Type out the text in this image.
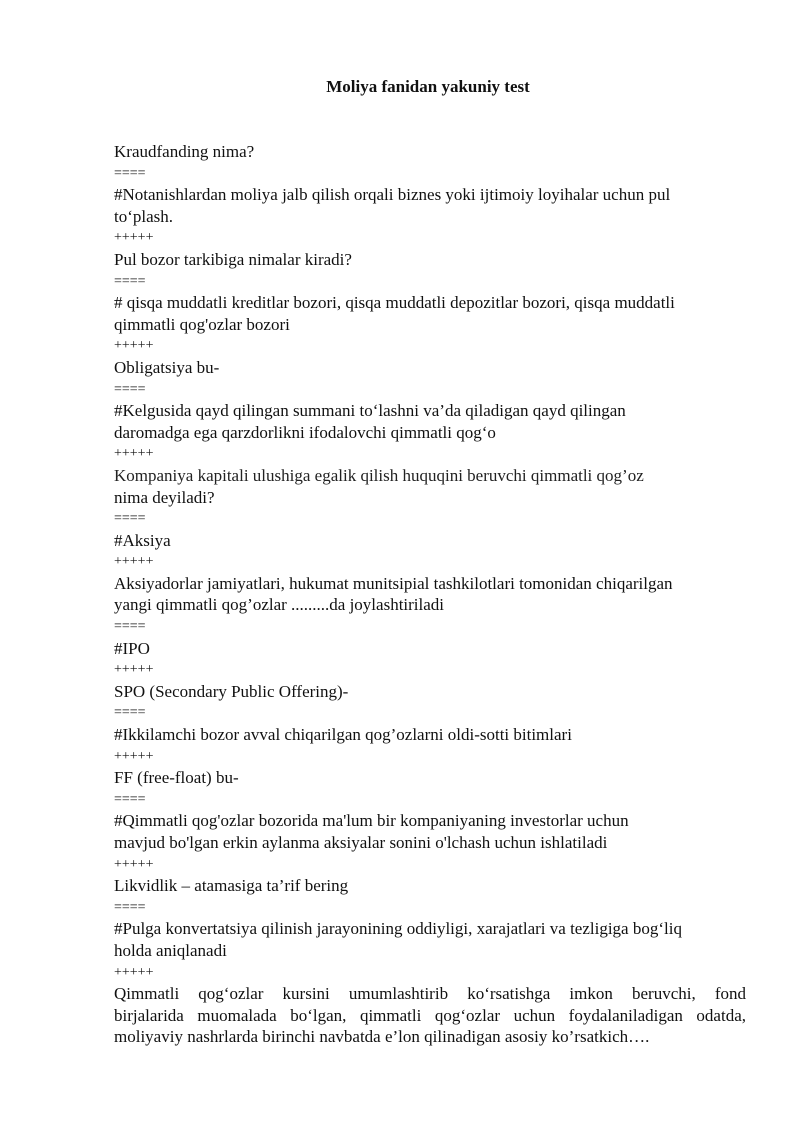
Moliya fanidan yakuniy test
Kraudfanding nima?
====
#Notanishlardan moliya jalb qilish orqali biznes yoki ijtimoiy loyihalar uchun pul
to‘plash.
+++++
Pul bozor tarkibiga nimalar kiradi?
====
# qisqa muddatli kreditlar bozori, qisqa muddatli depozitlar bozori, qisqa muddatli
qimmatli qog'ozlar bozori
+++++
Obligatsiya bu-
====
#Kelgusida qayd qilingan summani to‘lashni va’da qiladigan qayd qilingan
daromadga ega qarzdorlikni ifodalovchi qimmatli qog‘o
+++++
Kompaniya kapitali ulushiga egalik qilish huquqini beruvchi qimmatli qog’oz
nima deyiladi?
====
#Aksiya
+++++
Aksiyadorlar jamiyatlari, hukumat munitsipial tashkilotlari tomonidan chiqarilgan
yangi qimmatli qog’ozlar .........da joylashtiriladi
====
#IPO
+++++
SPO (Secondary Public Offering)-
====
#Ikkilamchi bozor avval chiqarilgan qog’ozlarni oldi-sotti bitimlari
+++++
FF (free-float) bu-
====
#Qimmatli qog'ozlar bozorida ma'lum bir kompaniyaning investorlar uchun
mavjud bo'lgan erkin aylanma aksiyalar sonini o'lchash uchun ishlatiladi
+++++
Likvidlik – atamasiga ta’rif bering
====
#Pulga konvertatsiya qilinish jarayonining oddiyligi, xarajatlari va tezligiga bog‘liq
holda aniqlanadi
+++++
Qimmatli qog‘ozlar kursini umumlashtirib ko‘rsatishga imkon beruvchi, fond
birjalarida muomalada bo‘lgan, qimmatli qog‘ozlar uchun foydalaniladigan odatda,
moliyaviy nashrlarda birinchi navbatda e’lon qilinadigan asosiy ko’rsatkich….
